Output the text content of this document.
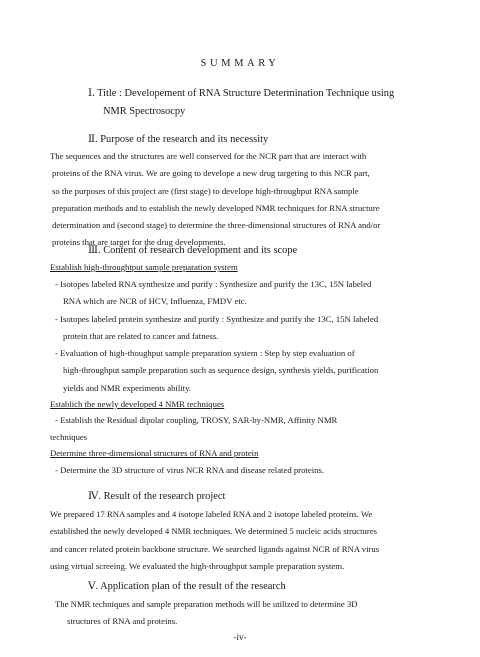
SUMMARY
Ⅰ. Title : Developement of RNA Structure Determination Technique using
NMR Spectrosocpy
Ⅱ. Purpose of the research and its necessity
The sequences and the structures are well conserved for the NCR part that are interact with
proteins of the RNA virus. We are going to develope a new drug targeting to this NCR part,
so the purposes of this project are (first stage) to develope high-throughput RNA sample
preparation methods and to establish the newly developed NMR techniques for RNA structure
determination and (second stage) to determine the three-dimensional structures of RNA and/or
proteins that are target for the drug developments.
Ⅲ. Content of research development and its scope
Establish high-throughtput sample preparation system
- Isotopes labeled RNA synthesize and purify : Synthesize and purify the 13C, 15N labeled
RNA which are NCR of HCV, Influenza, FMDV etc.
- Isotopes labeled protein synthesize and purify : Synthesize and purify the 13C, 15N labeled
protein that are related to cancer and fatness.
- Evaluation of high-thoughput sample preparation system : Step by step evaluation of
high-throughput sample preparation such as sequence design, synthesis yields, purification
yields and NMR experiments ability.
Establich the newly developed 4 NMR techniques
- Establish the Residual dipolar coupling, TROSY, SAR-by-NMR, Affinity NMR
techniques
Determine three-dimensional structures of RNA and protein
- Determine the 3D structure of virus NCR RNA and disease related proteins.
Ⅳ. Result of the research project
We prepared 17 RNA samples and 4 isotope labeled RNA and 2 isotope labeled proteins. We
established the newly developed 4 NMR techniques. We determined 5 nucleic acids structures
and cancer related protein backbone structure. We searched ligands against NCR of RNA virus
using virtual screeing. We evaluated the high-throughput sample preparation system.
Ⅴ. Application plan of the result of the research
The NMR techniques and sample preparation methods will be utilized to determine 3D
structures of RNA and proteins.
-iv-
